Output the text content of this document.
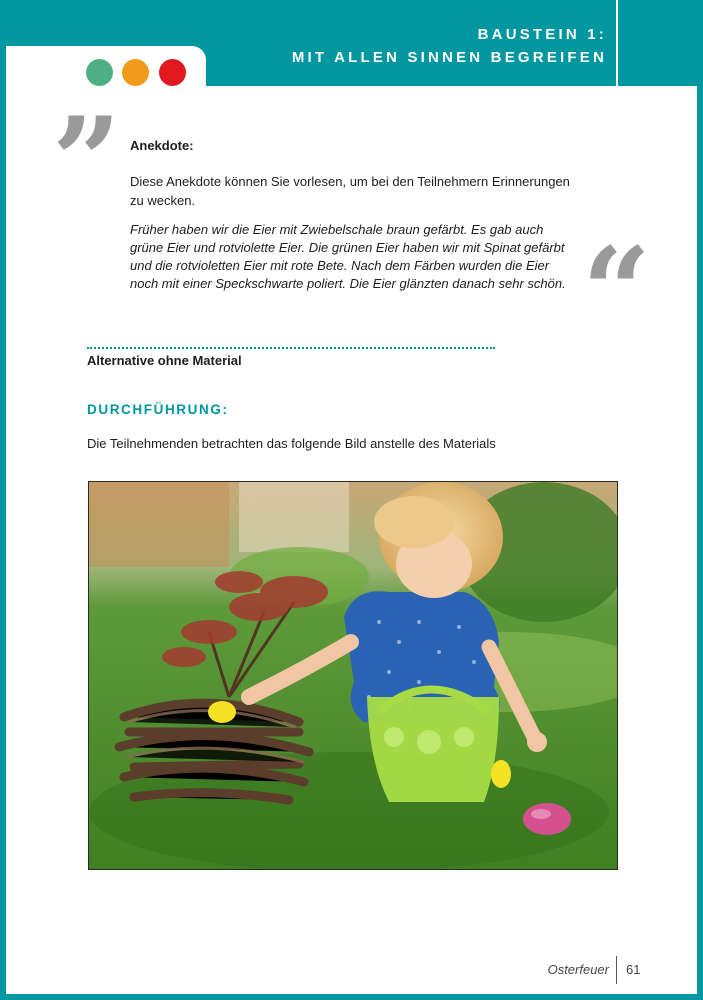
BAUSTEIN 1:
MIT ALLEN SINNEN BEGREIFEN
” Anekdote:
Diese Anekdote können Sie vorlesen, um bei den Teilnehmern Erinnerungen zu wecken.
Früher haben wir die Eier mit Zwiebelschale braun gefärbt. Es gab auch grüne Eier und rotviolette Eier. Die grünen Eier haben wir mit Spinat gefärbt und die rotvioletten Eier mit rote Bete. Nach dem Färben wurden die Eier noch mit einer Speckschwarte poliert. Die Eier glänzten danach sehr schön. “
Alternative ohne Material
DURCHFÜHRUNG:
Die Teilnehmenden betrachten das folgende Bild anstelle des Materials
Osterfeuer 61
